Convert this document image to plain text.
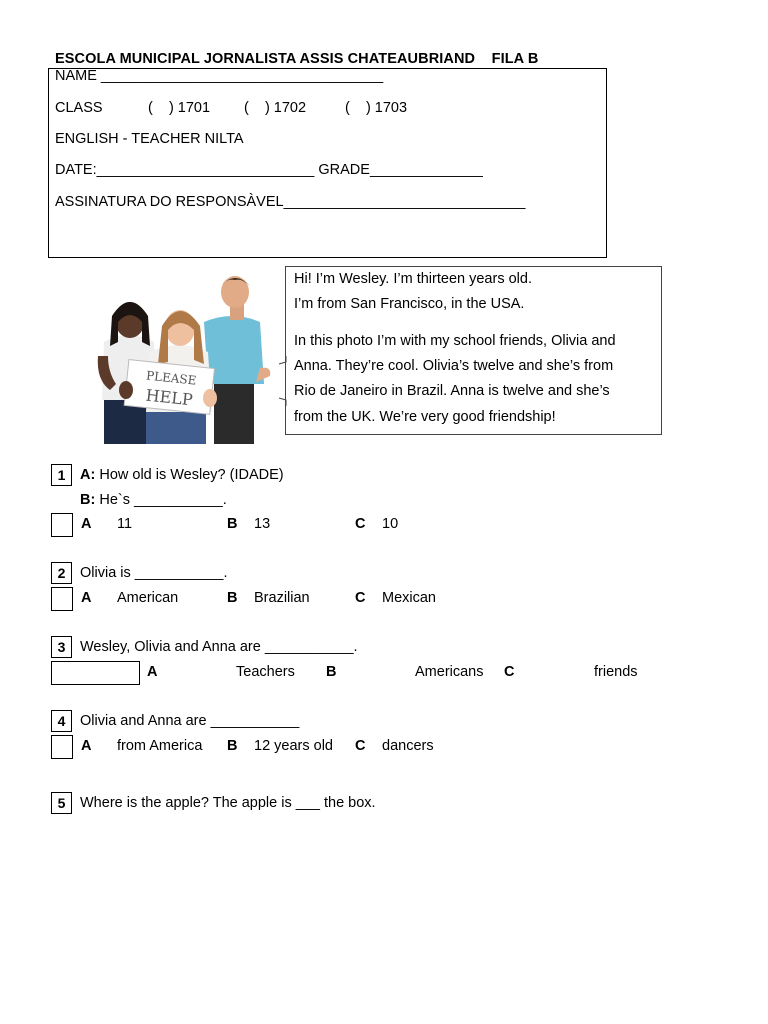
ESCOLA MUNICIPAL JORNALISTA ASSIS CHATEAUBRIAND    FILA B
NAME ___________________________________
CLASS	(    ) 1701 (    ) 1702	(    ) 1703
ENGLISH - TEACHER NILTA
DATE:___________________________ GRADE______________
ASSINATURA DO RESPONSÀVEL______________________________
PLEASE
HELP
Hi! I’m Wesley. I’m thirteen years old.
I’m from San Francisco, in the USA.
In this photo I’m with my school friends, Olivia and
Anna. They’re cool. Olivia’s twelve and she’s from
Rio de Janeiro in Brazil. Anna is twelve and she’s
from the UK. We’re very good friendship!
1	A: How old is Wesley? (IDADE)
B: He`s ___________.
A 11	B 13	C 10
2	Olivia is ___________.
A American	B Brazilian	C Mexican
3	Wesley, Olivia and Anna are ___________.
A	Teachers B	Americans C	friends
4	Olivia and Anna are ___________
A from America B 12 years old C dancers
5	Where is the apple? The apple is ___ the box.
